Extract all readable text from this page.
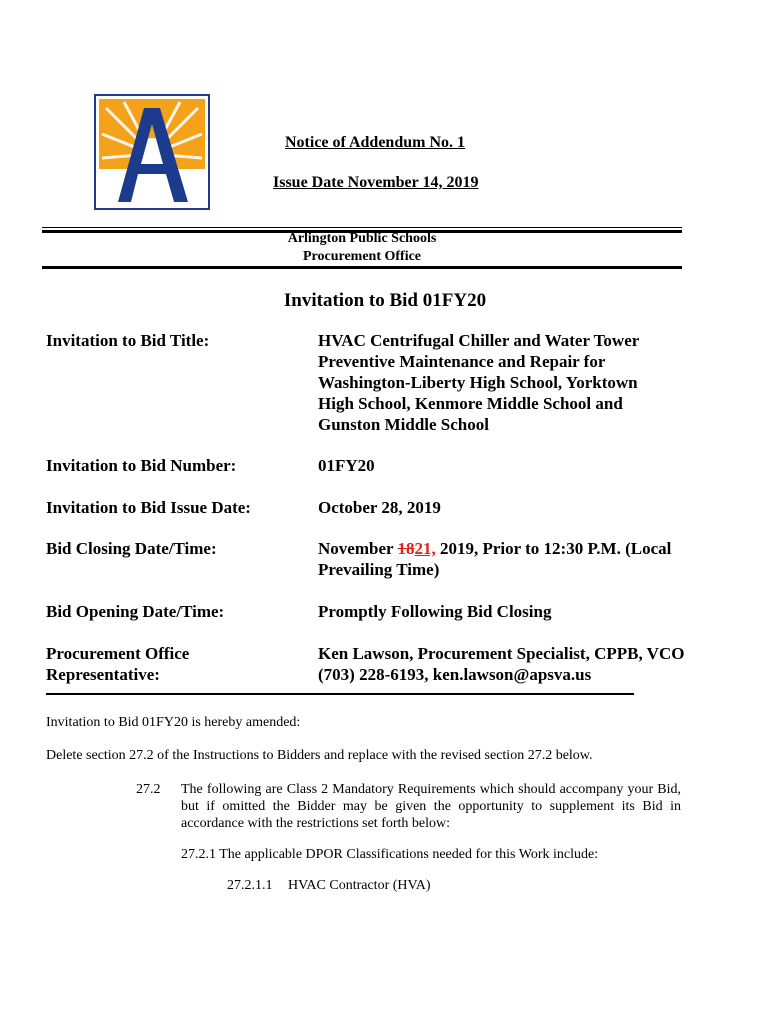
Notice of Addendum No. 1
Issue Date November 14, 2019
Arlington Public Schools
Procurement Office
Invitation to Bid 01FY20
Invitation to Bid Title:	HVAC Centrifugal Chiller and Water Tower Preventive Maintenance and Repair for Washington-Liberty High School, Yorktown High School, Kenmore Middle School and Gunston Middle School
Invitation to Bid Number:	01FY20
Invitation to Bid Issue Date:	October 28, 2019
Bid Closing Date/Time:	November 1821, 2019, Prior to 12:30 P.M. (Local Prevailing Time)
Bid Opening Date/Time:	Promptly Following Bid Closing
Procurement Office Representative:
Ken Lawson, Procurement Specialist, CPPB, VCO
(703) 228-6193, ken.lawson@apsva.us
Invitation to Bid 01FY20 is hereby amended:
Delete section 27.2 of the Instructions to Bidders and replace with the revised section 27.2 below.
27.2 The following are Class 2 Mandatory Requirements which should accompany your Bid, but if omitted the Bidder may be given the opportunity to supplement its Bid in accordance with the restrictions set forth below:
27.2.1 The applicable DPOR Classifications needed for this Work include:
27.2.1.1 HVAC Contractor (HVA)
